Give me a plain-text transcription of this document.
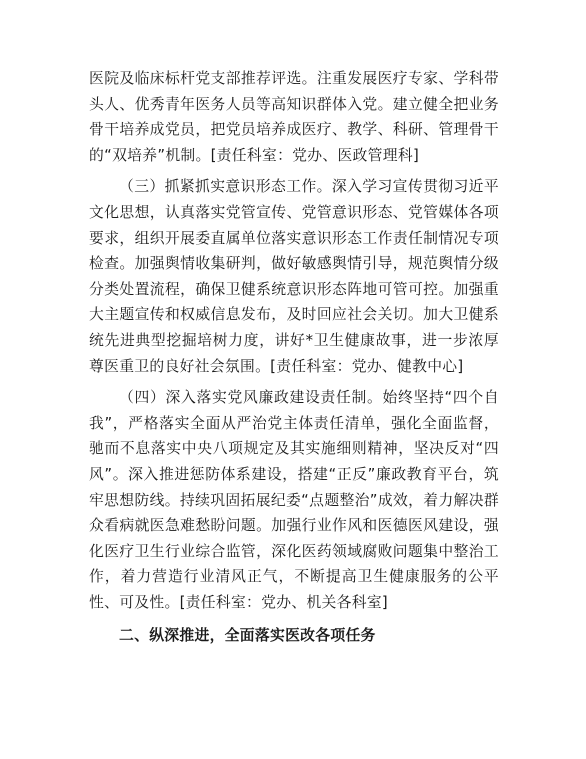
医院及临床标杆党支部推荐评选。注重发展医疗专家、学科带头人、优秀青年医务人员等高知识群体入党。建立健全把业务骨干培养成党员，把党员培养成医疗、教学、科研、管理骨干的“双培养”机制。[责任科室：党办、医政管理科]

（三）抓紧抓实意识形态工作。深入学习宣传贯彻习近平文化思想，认真落实党管宣传、党管意识形态、党管媒体各项要求，组织开展委直属单位落实意识形态工作责任制情况专项检查。加强舆情收集研判，做好敏感舆情引导，规范舆情分级分类处置流程，确保卫健系统意识形态阵地可管可控。加强重大主题宣传和权威信息发布，及时回应社会关切。加大卫健系统先进典型挖掘培树力度，讲好*卫生健康故事，进一步浓厚尊医重卫的良好社会氛围。[责任科室：党办、健教中心]

（四）深入落实党风廉政建设责任制。始终坚持“四个自我”，严格落实全面从严治党主体责任清单，强化全面监督，驰而不息落实中央八项规定及其实施细则精神，坚决反对“四风”。深入推进惩防体系建设，搭建“正反”廉政教育平台，筑牢思想防线。持续巩固拓展纪委“点题整治”成效，着力解决群众看病就医急难愁盼问题。加强行业作风和医德医风建设，强化医疗卫生行业综合监管，深化医药领域腐败问题集中整治工作，着力营造行业清风正气，不断提高卫生健康服务的公平性、可及性。[责任科室：党办、机关各科室]

二、纵深推进，全面落实医改各项任务
